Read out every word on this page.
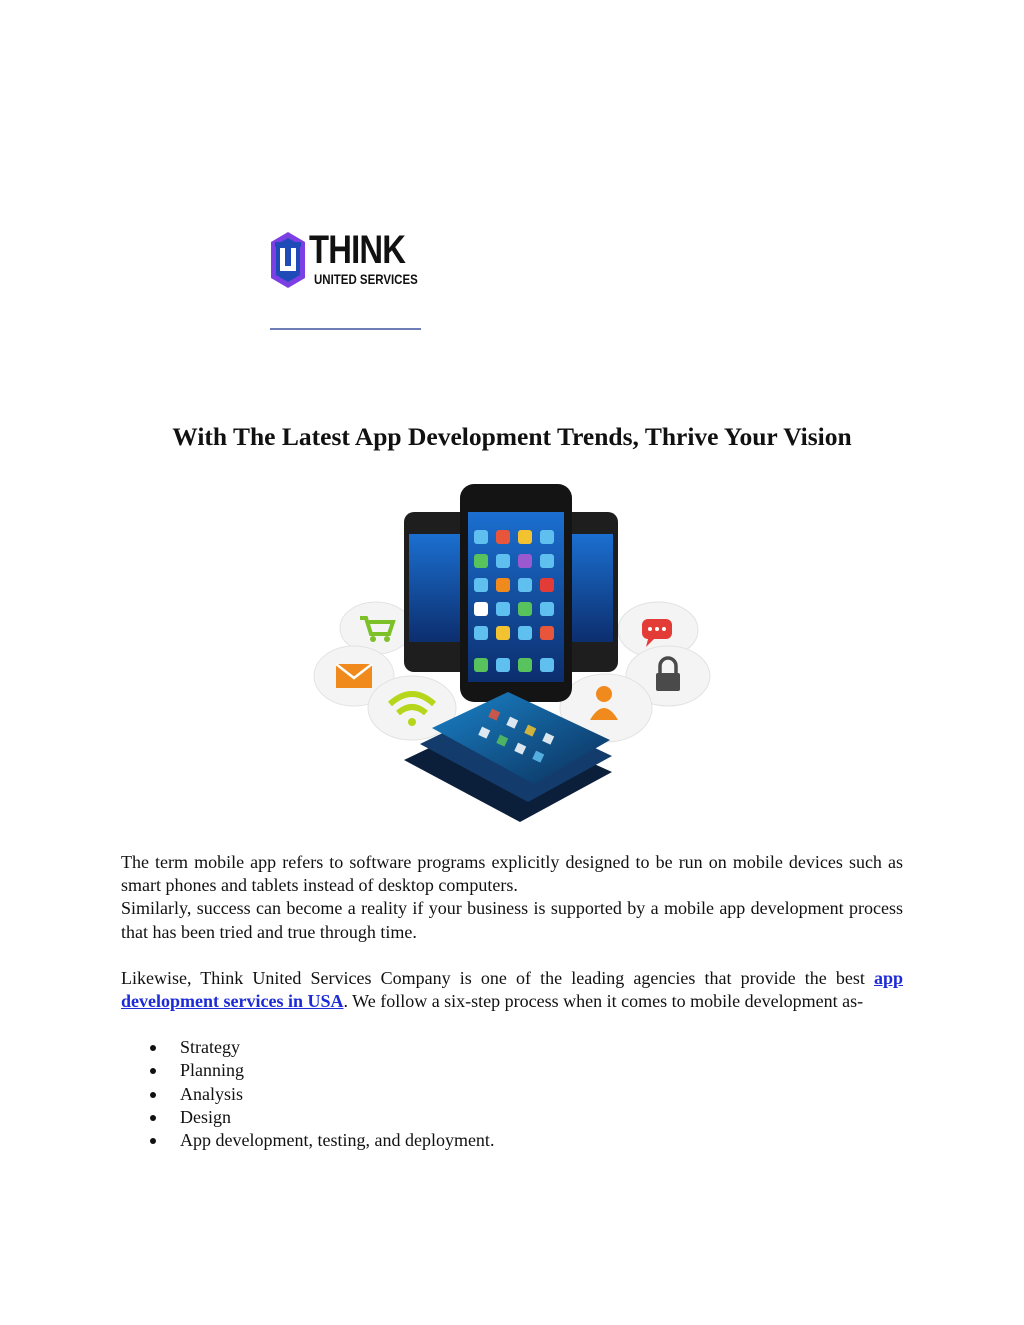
THINK
UNITED SERVICES
With The Latest App Development Trends, Thrive Your Vision

The term mobile app refers to software programs explicitly designed to be run on mobile devices such as smart phones and tablets instead of desktop computers.

Similarly, success can become a reality if your business is supported by a mobile app development process that has been tried and true through time.

Likewise, Think United Services Company is one of the leading agencies that provide the best app development services in USA. We follow a six-step process when it comes to mobile development as-

Strategy
Planning
Analysis
Design
App development, testing, and deployment.
